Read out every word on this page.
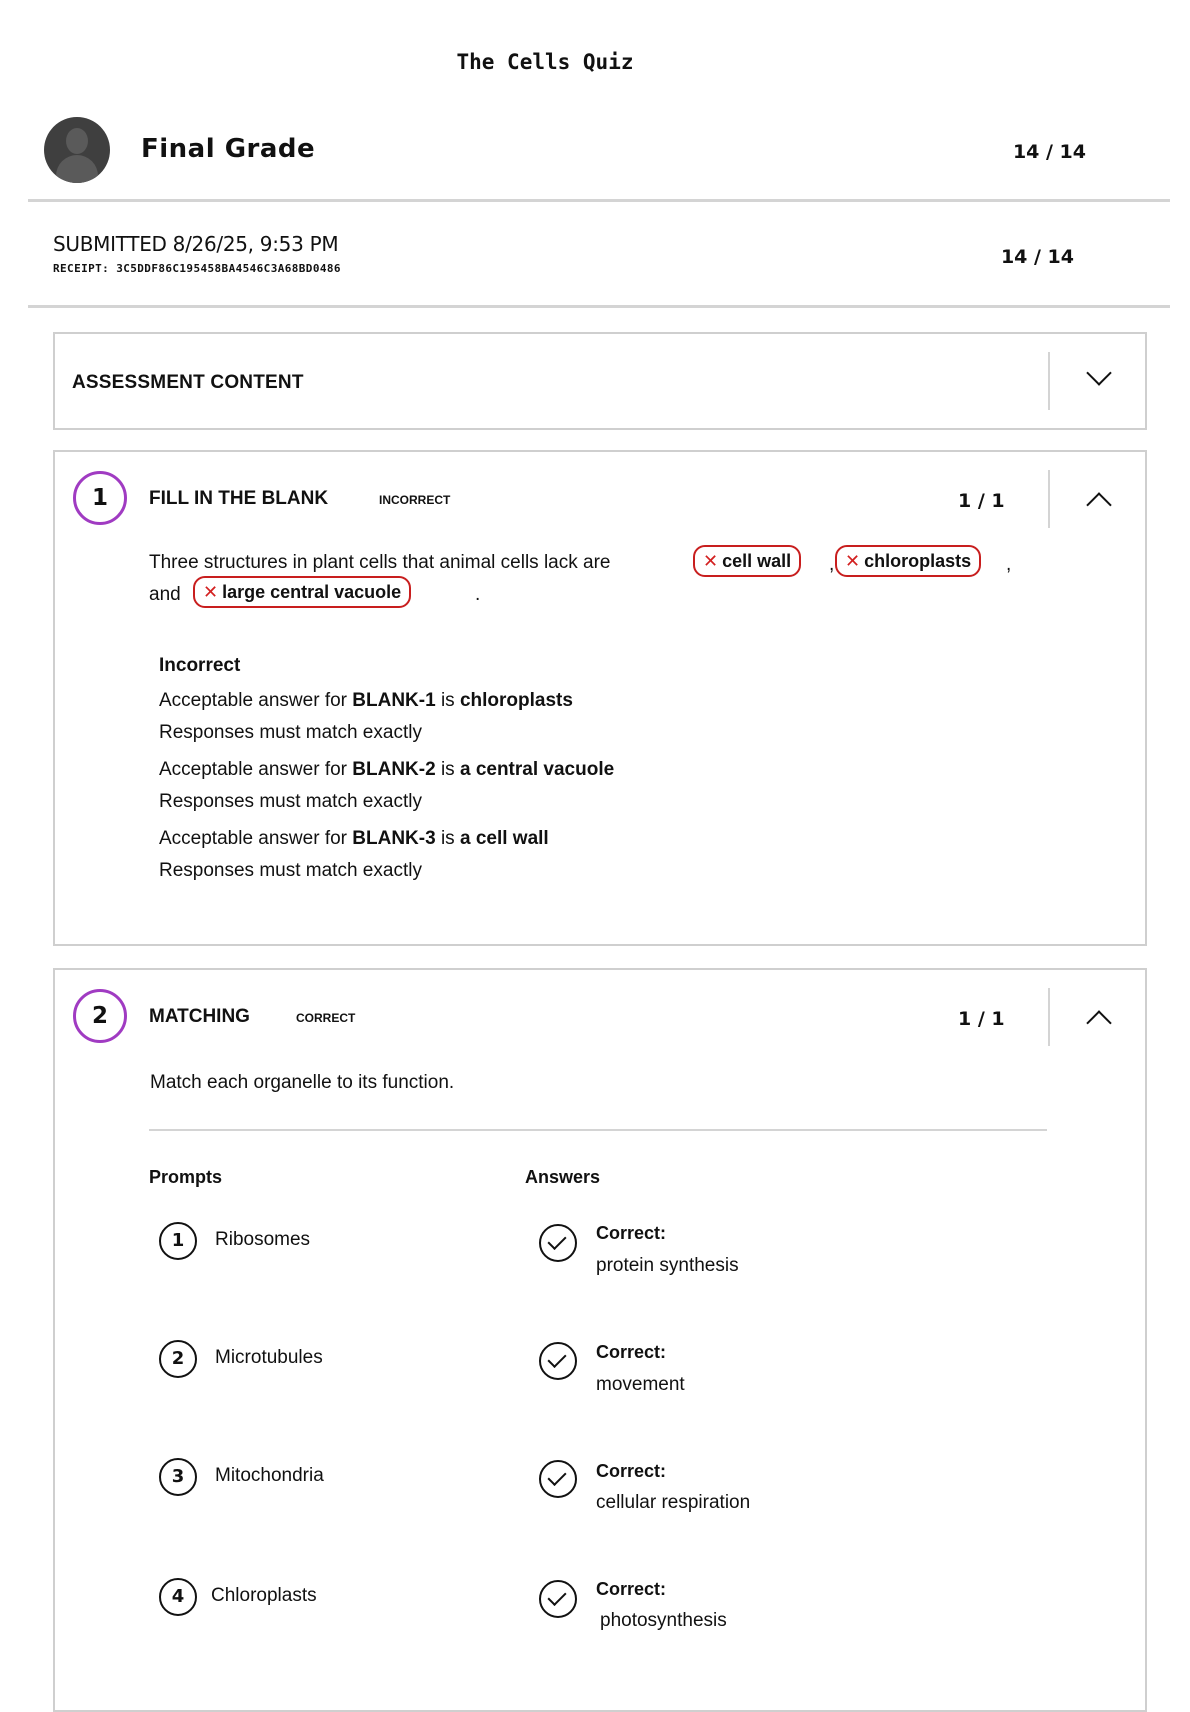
The Cells Quiz
Final Grade	14 / 14
SUBMITTED 8/26/25, 9:53 PM
RECEIPT: 3C5DDF86C195458BA4546C3A68BD0486
14 / 14
ASSESSMENT CONTENT
1	FILL IN THE BLANK	INCORRECT	1 / 1
Three structures in plant cells that animal cells lack are	✕ cell wall	, ✕ chloroplasts	,
and	✕ large central vacuole	.
Incorrect
Acceptable answer for BLANK-1 is chloroplasts
Responses must match exactly
Acceptable answer for BLANK-2 is a central vacuole
Responses must match exactly
Acceptable answer for BLANK-3 is a cell wall
Responses must match exactly
2	MATCHING	CORRECT	1 / 1
Match each organelle to its function.
Prompts	Answers
1	Ribosomes	Correct:
protein synthesis
2	Microtubules	Correct:
movement
3	Mitochondria	Correct:
cellular respiration
4	Chloroplasts	Correct:
photosynthesis
